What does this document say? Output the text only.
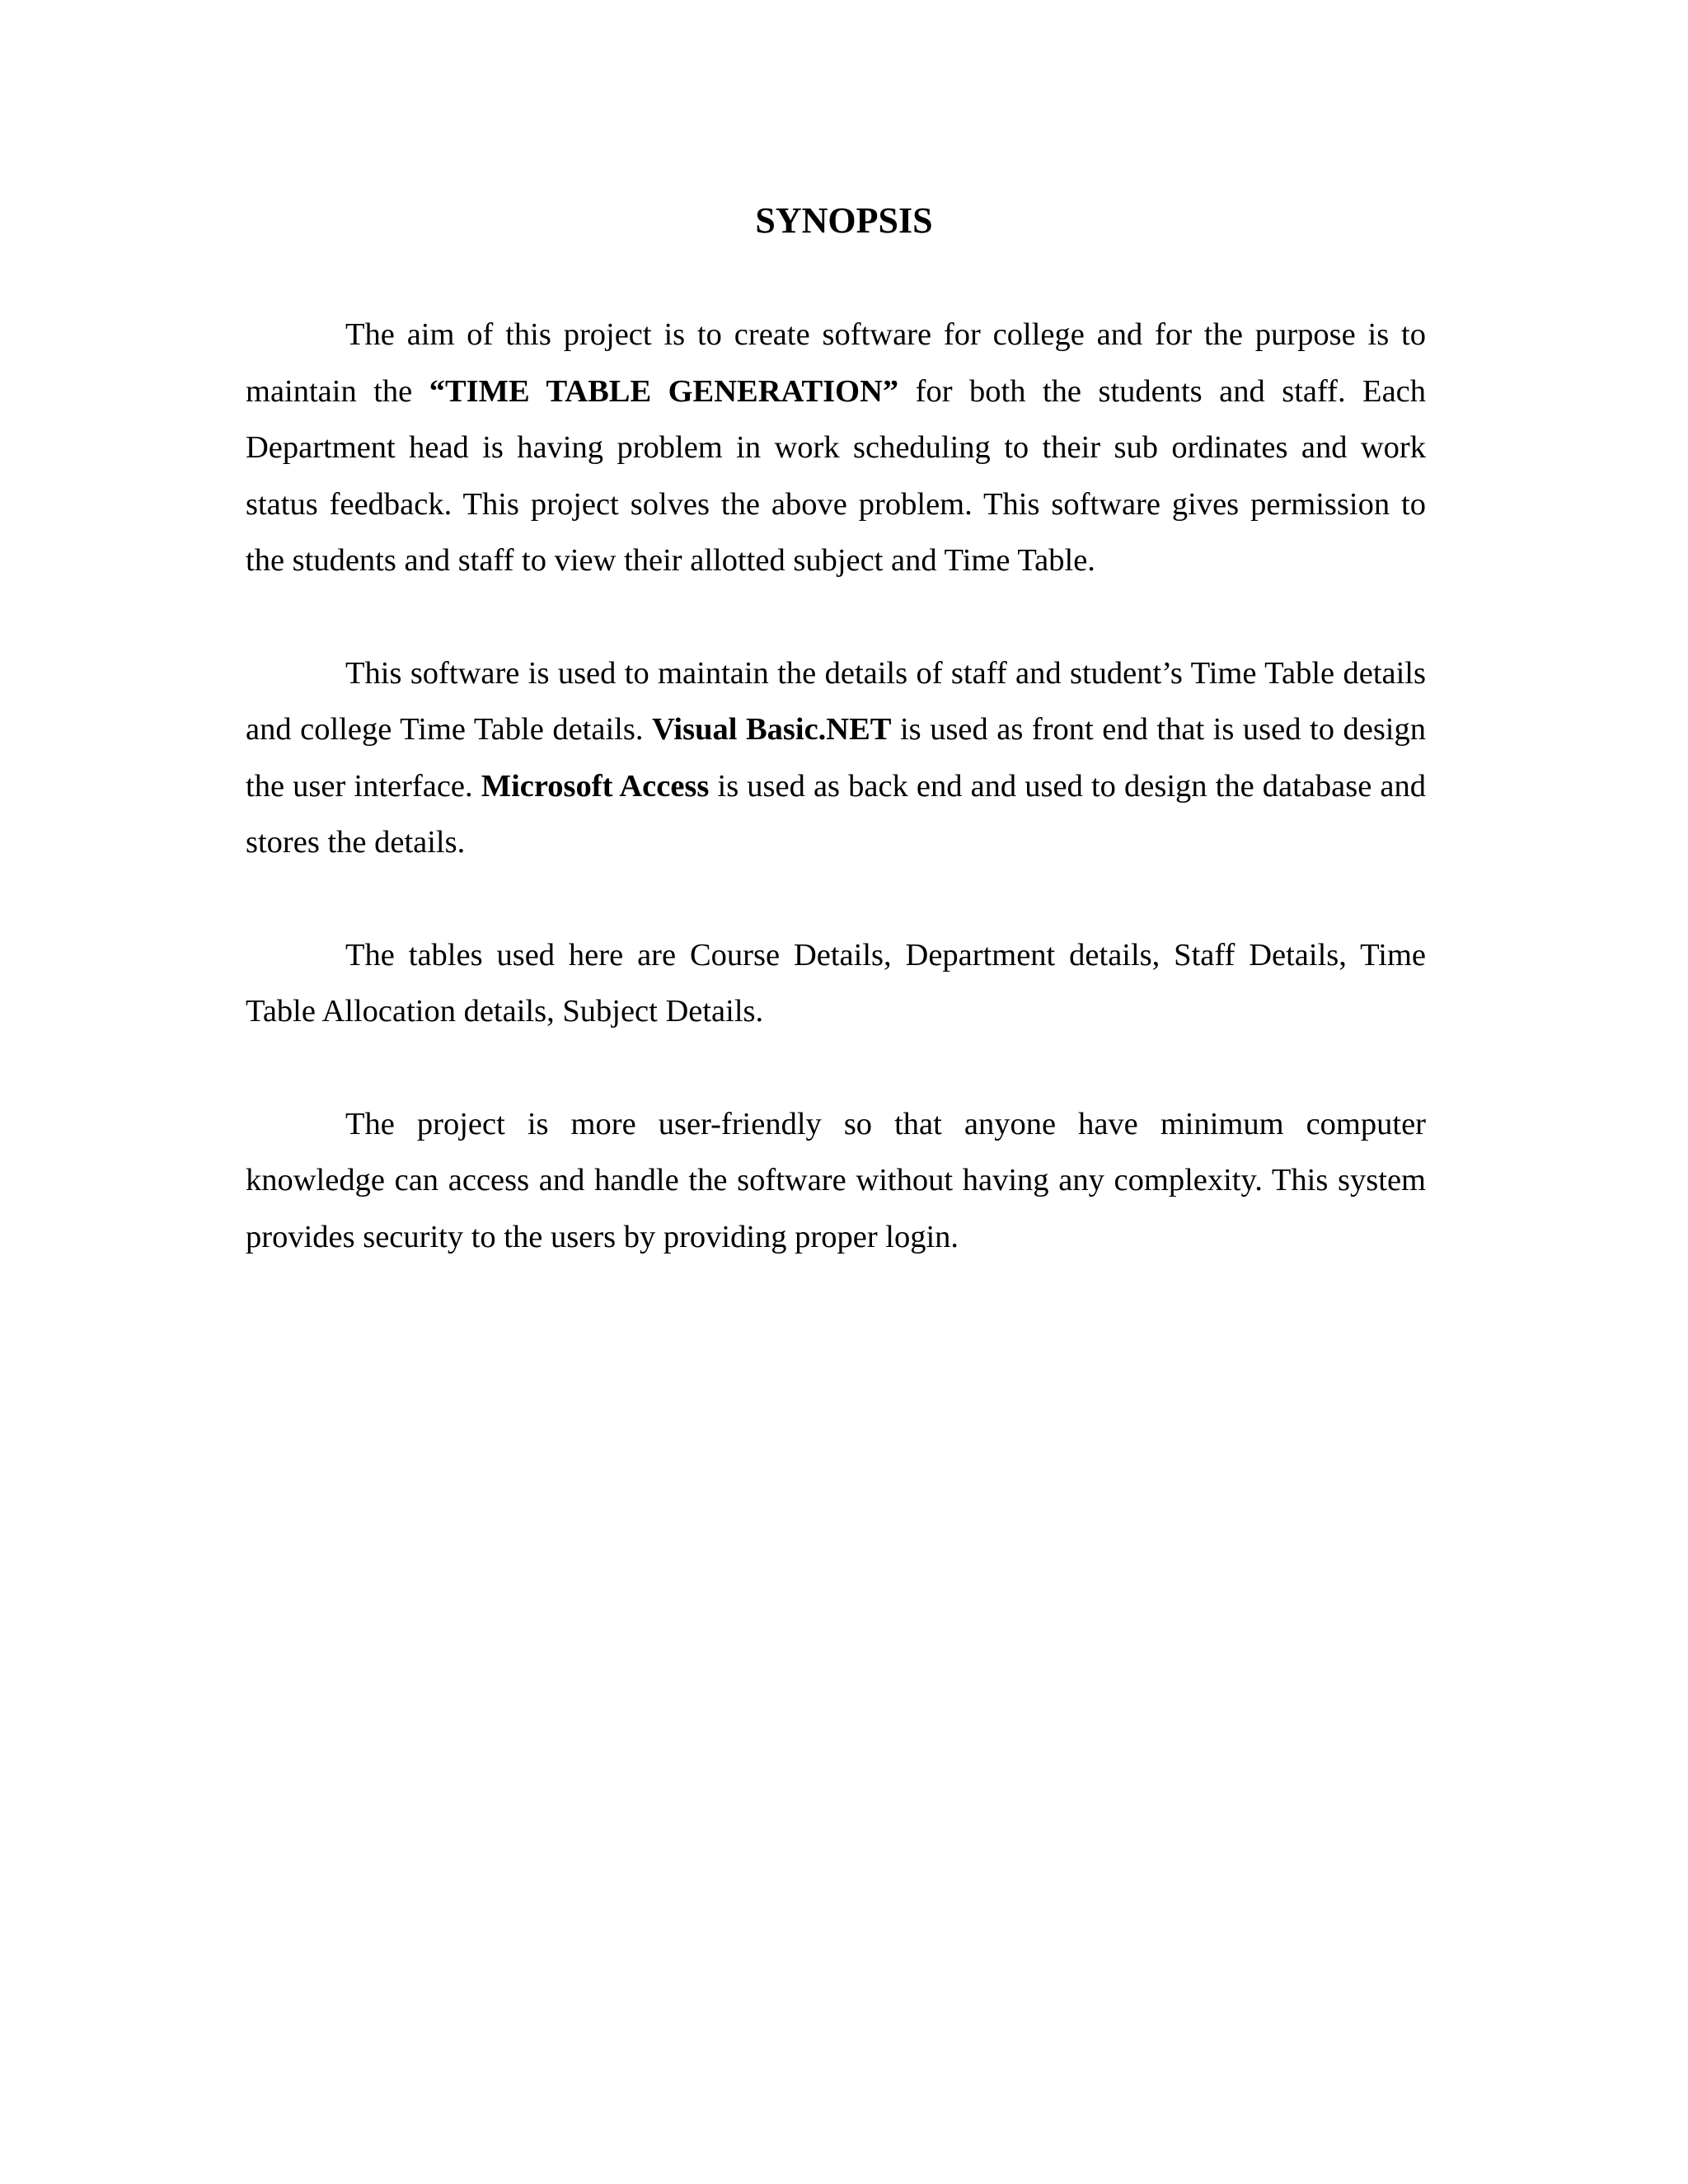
SYNOPSIS

The aim of this project is to create software for college and for the purpose is to maintain the “TIME TABLE GENERATION” for both the students and staff. Each Department head is having problem in work scheduling to their sub ordinates and work status feedback. This project solves the above problem. This software gives permission to the students and staff to view their allotted subject and Time Table.

This software is used to maintain the details of staff and student’s Time Table details and college Time Table details. Visual Basic.NET is used as front end that is used to design the user interface. Microsoft Access is used as back end and used to design the database and stores the details.

The tables used here are Course Details, Department details, Staff Details, Time Table Allocation details, Subject Details.

The project is more user-friendly so that anyone have minimum computer knowledge can access and handle the software without having any complexity. This system provides security to the users by providing proper login.
